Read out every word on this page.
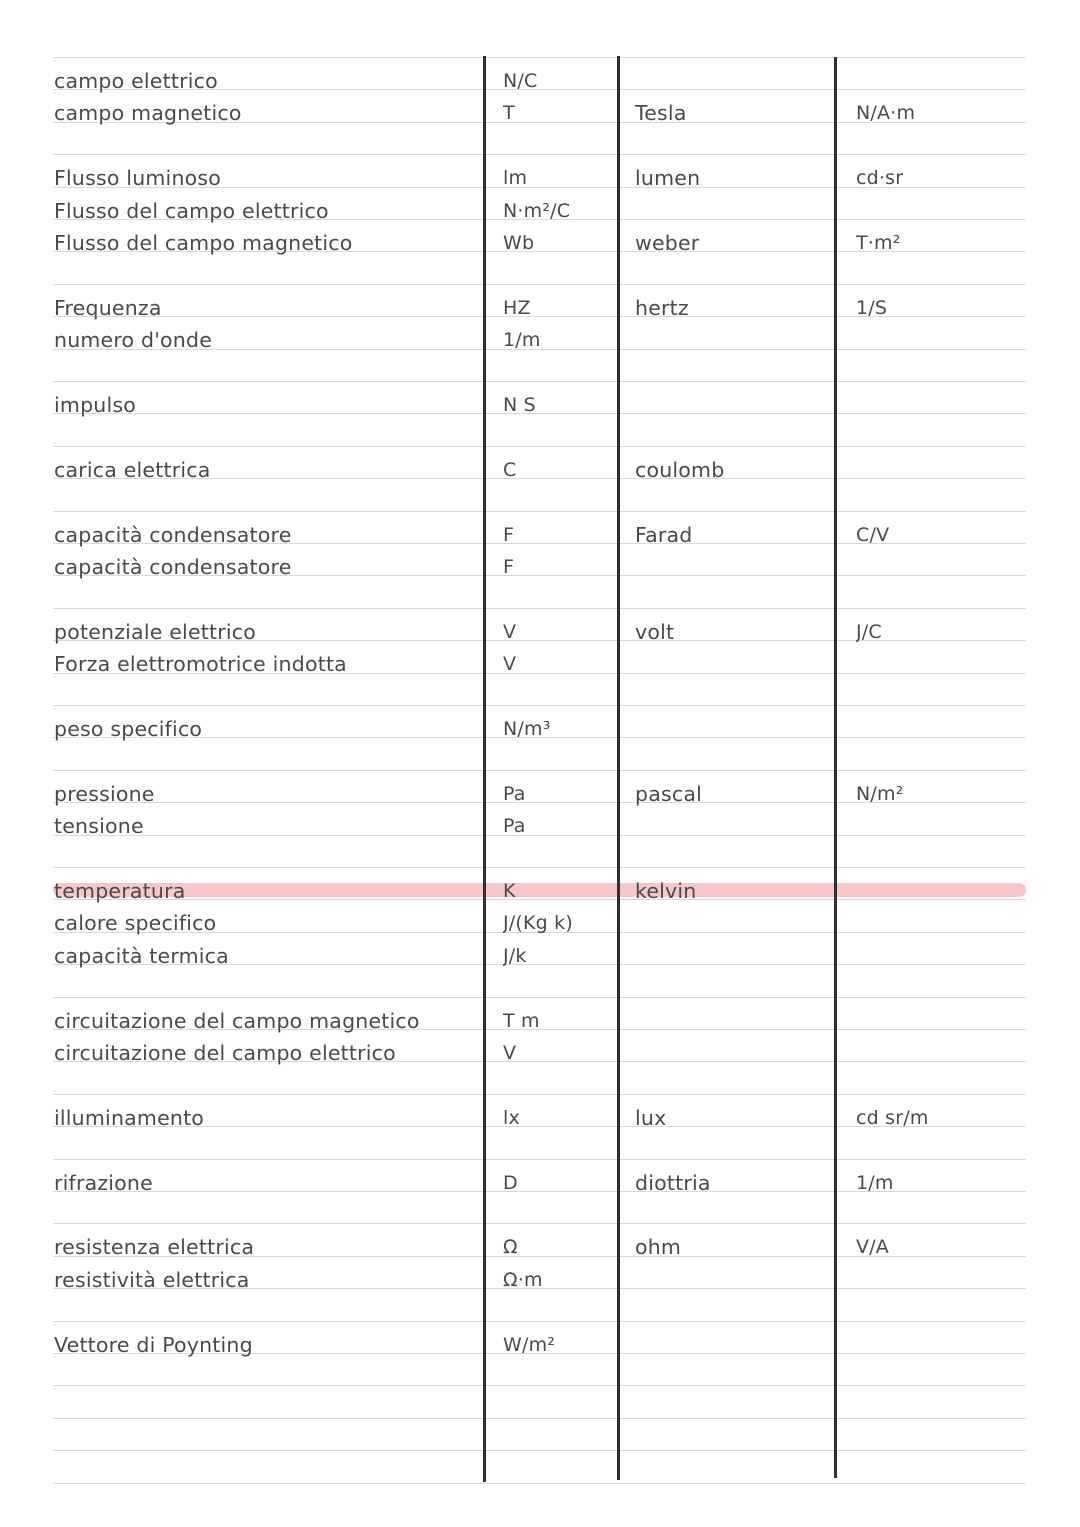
campo elettrico	N/C
campo magnetico	T	Tesla	N/A·m
Flusso luminoso	lm	lumen	cd·sr
Flusso del campo elettrico	N·m²/C
Flusso del campo magnetico	Wb	weber	T·m²
Frequenza	HZ	hertz	1/S
numero d'onde	1/m
impulso	N S
carica elettrica	C	coulomb
capacità condensatore	F	Farad	C/V
capacità condensatore	F
potenziale elettrico	V	volt	J/C
Forza elettromotrice indotta	V
peso specifico	N/m³
pressione	Pa	pascal	N/m²
tensione	Pa
temperatura	K	kelvin
calore specifico	J/(Kg k)
capacità termica	J/k
circuitazione del campo magnetico	T m
circuitazione del campo elettrico	V
illuminamento	lx	lux	cd sr/m
rifrazione	D	diottria	1/m
resistenza elettrica	Ω	ohm	V/A
resistività elettrica	Ω·m
Vettore di Poynting	W/m²
